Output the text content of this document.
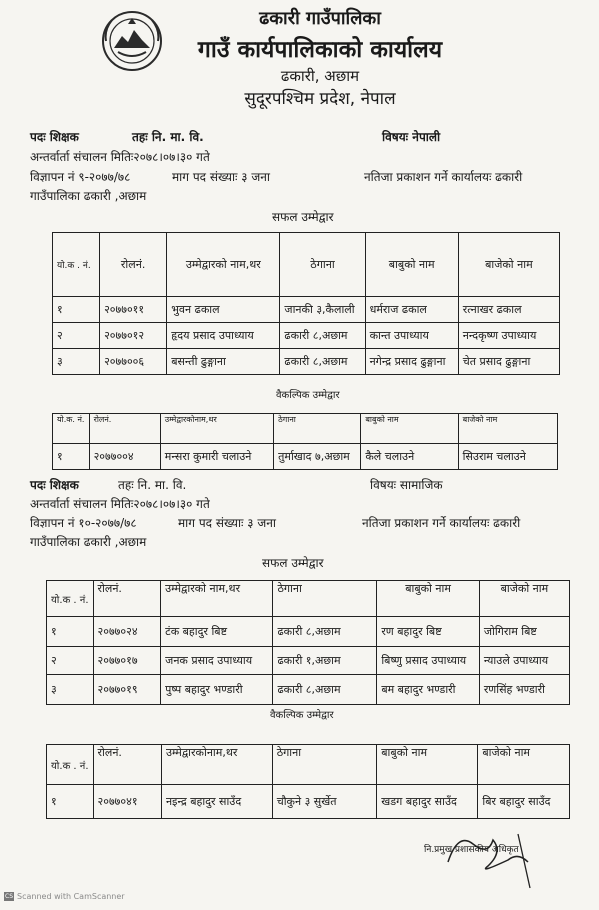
ढकारी गाउँपालिका
गाउँ कार्यपालिकाको कार्यालय
ढकारी, अछाम
सुदूरपश्चिम प्रदेश, नेपाल
पदः शिक्षक	तहः नि. मा. वि.	विषयः नेपाली
अन्तर्वार्ता संचालन मितिः२०७८।०७।३० गते
विज्ञापन नं ९-२०७७/७८	माग पद संख्याः ३ जना	नतिजा प्रकाशन गर्ने कार्यालयः ढकारी
गाउँपालिका ढकारी ,अछाम
सफल उम्मेद्वार
यो.क . नं.	रोलनं.	उम्मेद्वारको नाम,थर	ठेगाना	बाबुको नाम	बाजेको नाम
१	२०७७०११	भुवन ढकाल	जानकी ३,कैलाली	धर्मराज ढकाल	रत्नाखर ढकाल
२	२०७७०१२	हृदय प्रसाद उपाध्याय	ढकारी ८,अछाम	कान्त उपाध्याय	नन्दकृष्ण उपाध्याय
३	२०७७००६	बसन्ती ढुङ्गाना	ढकारी ८,अछाम	नगेन्द्र प्रसाद ढुङ्गाना	चेत प्रसाद ढुङ्गाना
वैकल्पिक उम्मेद्वार
यो.क. नं.	रोलनं.	उम्मेद्वारकोनाम,थर	ठेगाना	बाबुको नाम	बाजेको नाम
१	२०७७००४	मन्सरा कुमारी चलाउने	तुर्माखाद ७,अछाम	कैले चलाउने	सिउराम चलाउने
पदः शिक्षक	तहः नि. मा. वि.	विषयः सामाजिक
अन्तर्वार्ता संचालन मितिः२०७८।०७।३० गते
विज्ञापन नं १०-२०७७/७८	माग पद संख्याः ३ जना	नतिजा प्रकाशन गर्ने कार्यालयः ढकारी
गाउँपालिका ढकारी ,अछाम
सफल उम्मेद्वार
यो.क . नं.	रोलनं.	उम्मेद्वारको नाम,थर	ठेगाना	बाबुको नाम	बाजेको नाम
१	२०७७०२४	टंक बहादुर बिष्ट	ढकारी ८,अछाम	रण बहादुर बिष्ट	जोगिराम बिष्ट
२	२०७७०१७	जनक प्रसाद उपाध्याय	ढकारी १,अछाम	बिष्णु प्रसाद उपाध्याय	न्याउले उपाध्याय
३	२०७७०१९	पुष्प बहादुर भण्डारी	ढकारी ८,अछाम	बम बहादुर भण्डारी	रणसिंह भण्डारी
वैकल्पिक उम्मेद्वार
यो.क . नं.	रोलनं.	उम्मेद्वारकोनाम,थर	ठेगाना	बाबुको नाम	बाजेको नाम
१	२०७७०४१	नइन्द्र बहादुर साउँद	चौकुने ३ सुर्खेत	खडग बहादुर साउँद	बिर बहादुर साउँद
नि.प्रमुख प्रशासकीय अधिकृत
CS Scanned with CamScanner
